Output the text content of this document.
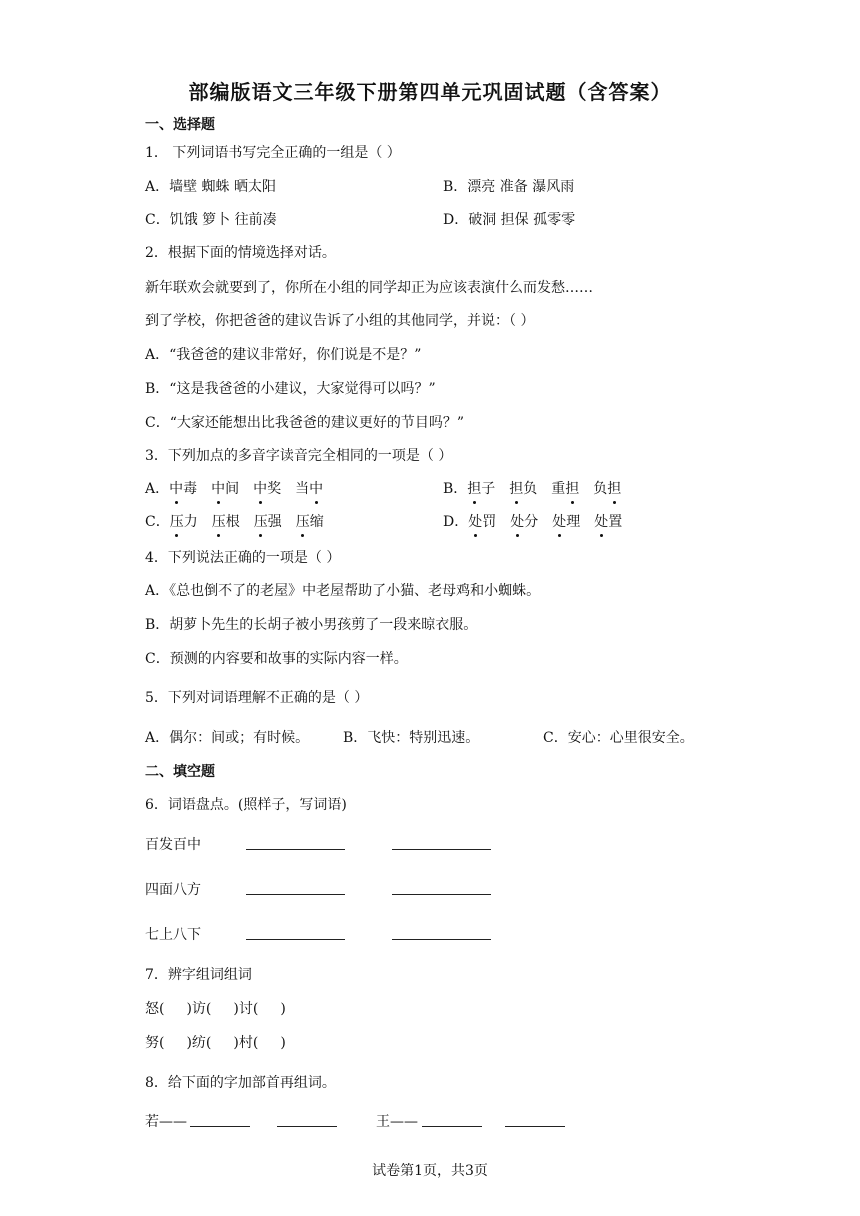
部编版语文三年级下册第四单元巩固试题（含答案）
一、选择题
1． 下列词语书写完全正确的一组是（ ）
A．墙壁 蜘蛛 晒太阳	B．漂亮 准备 瀑风雨
C．饥饿 箩卜 往前凑	D．破洞 担保 孤零零
2．根据下面的情境选择对话。
新年联欢会就要到了，你所在小组的同学却正为应该表演什么而发愁……
到了学校，你把爸爸的建议告诉了小组的其他同学，并说：（ ）
A．“我爸爸的建议非常好，你们说是不是？”
B．“这是我爸爸的小建议，大家觉得可以吗？”
C．“大家还能想出比我爸爸的建议更好的节目吗？”
3．下列加点的多音字读音完全相同的一项是（ ）
A．中毒 中间 中奖 当中	B．担子 担负 重担 负担
C．压力 压根 压强 压缩	D．处罚 处分 处理 处置
4．下列说法正确的一项是（ ）
A．《总也倒不了的老屋》中老屋帮助了小猫、老母鸡和小蜘蛛。
B．胡萝卜先生的长胡子被小男孩剪了一段来晾衣服。
C．预测的内容要和故事的实际内容一样。
5．下列对词语理解不正确的是（ ）
A．偶尔：间或；有时候。 B．飞快：特别迅速。	C．安心：心里很安全。
二、填空题
6．词语盘点。(照样子，写词语)
百发百中
四面八方
七上八下
7．辨字组词组词
怒( )访( )讨( )
努( )纺( )村( )
8．给下面的字加部首再组词。
若——	王——
试卷第1页，共3页
